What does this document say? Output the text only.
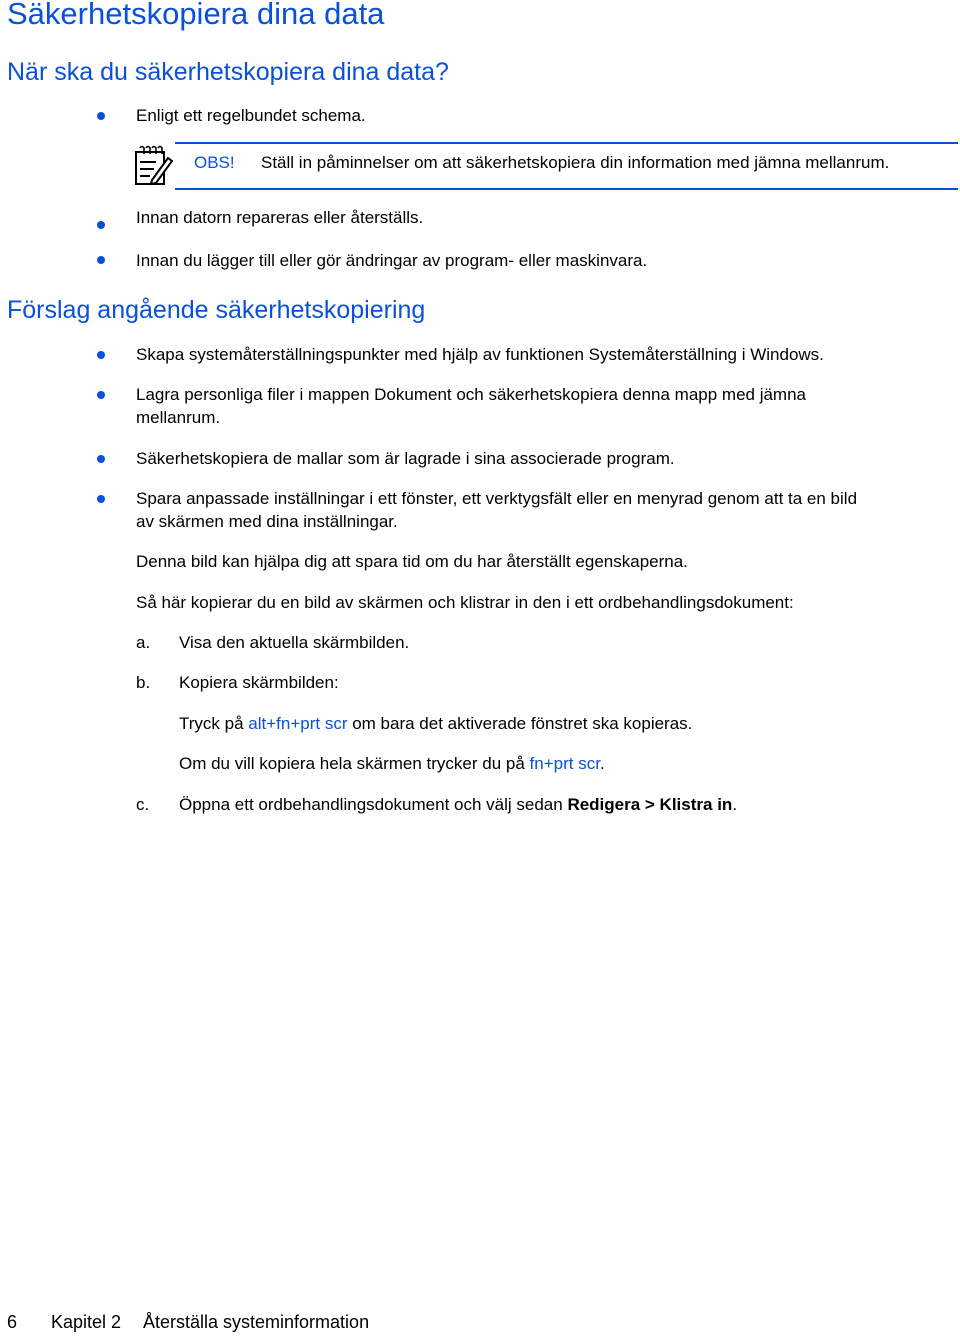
Säkerhetskopiera dina data
När ska du säkerhetskopiera dina data?
Enligt ett regelbundet schema.
OBS! Ställ in påminnelser om att säkerhetskopiera din information med jämna mellanrum.
Innan datorn repareras eller återställs.
Innan du lägger till eller gör ändringar av program- eller maskinvara.
Förslag angående säkerhetskopiering
Skapa systemåterställningspunkter med hjälp av funktionen Systemåterställning i Windows.
Lagra personliga filer i mappen Dokument och säkerhetskopiera denna mapp med jämna
mellanrum.
Säkerhetskopiera de mallar som är lagrade i sina associerade program.
Spara anpassade inställningar i ett fönster, ett verktygsfält eller en menyrad genom att ta en bild
av skärmen med dina inställningar.
Denna bild kan hjälpa dig att spara tid om du har återställt egenskaperna.
Så här kopierar du en bild av skärmen och klistrar in den i ett ordbehandlingsdokument:
a. Visa den aktuella skärmbilden.
b. Kopiera skärmbilden:
Tryck på alt+fn+prt scr om bara det aktiverade fönstret ska kopieras.
Om du vill kopiera hela skärmen trycker du på fn+prt scr.
c. Öppna ett ordbehandlingsdokument och välj sedan Redigera > Klistra in.
6 Kapitel 2 Återställa systeminformation
